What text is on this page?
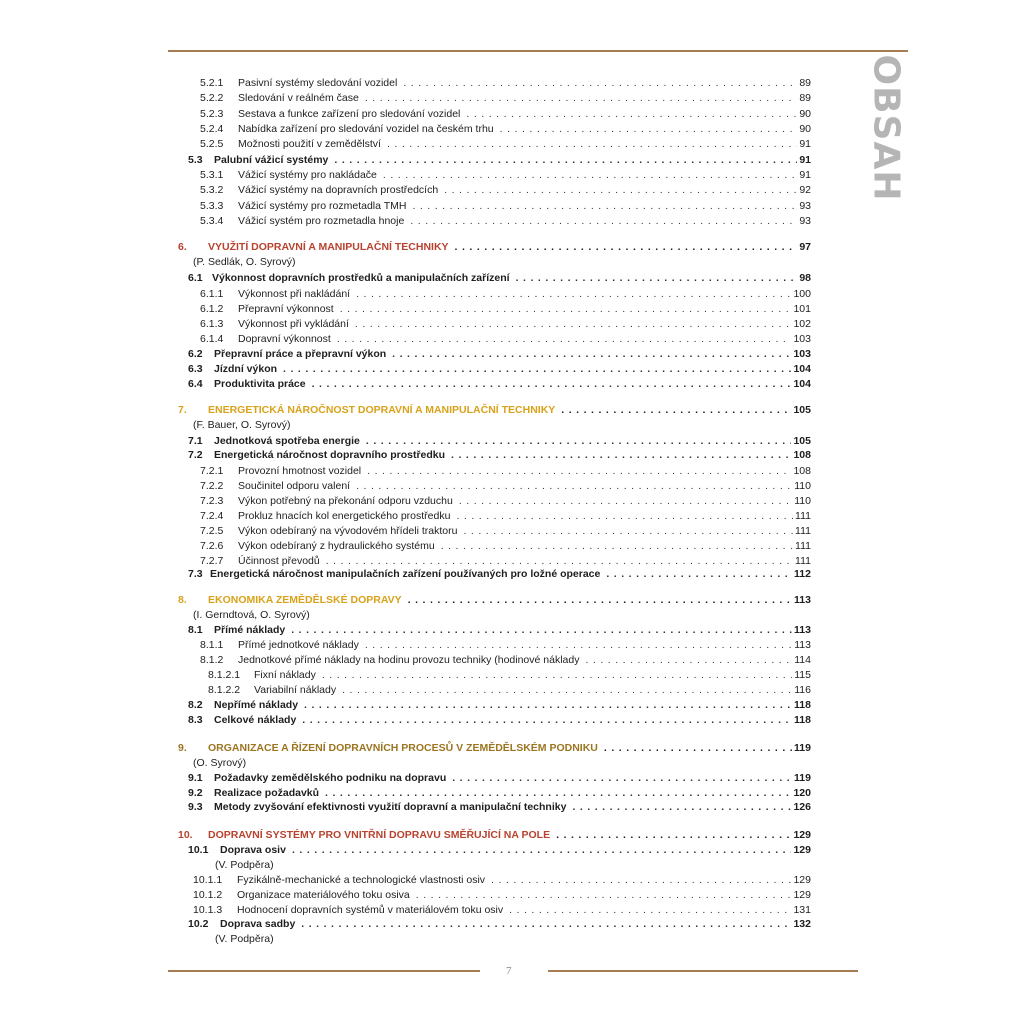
OBSAH
5.2.1	Pasivní systémy sledování vozidel . . .	89
5.2.2	Sledování v reálném čase . . .	89
5.2.3	Sestava a funkce zařízení pro sledování vozidel . . .	90
5.2.4	Nabídka zařízení pro sledování vozidel na českém trhu . . .	90
5.2.5	Možnosti použití v zemědělství . . .	91
5.3	Palubní vážicí systémy . . .	91
5.3.1	Vážicí systémy pro nakládače . . .	91
5.3.2	Vážicí systémy na dopravních prostředcích . . .	92
5.3.3	Vážicí systémy pro rozmetadla TMH . . .	93
5.3.4	Vážicí systém pro rozmetadla hnoje . . .	93
6.	VYUŽITÍ DOPRAVNÍ A MANIPULAČNÍ TECHNIKY . . .	97
(P. Sedlák, O. Syrový)
6.1 Výkonnost dopravních prostředků a manipulačních zařízení . . .	98
6.1.1	Výkonnost při nakládání . . .	100
6.1.2	Přepravní výkonnost . . .	101
6.1.3	Výkonnost při vykládání . . .	102
6.1.4	Dopravní výkonnost . . .	103
6.2	Přepravní práce a přepravní výkon . . .	103
6.3	Jízdní výkon . . .	104
6.4	Produktivita práce . . .	104
7.	ENERGETICKÁ NÁROČNOST DOPRAVNÍ A MANIPULAČNÍ TECHNIKY . . .	105
(F. Bauer, O. Syrový)
7.1	Jednotková spotřeba energie . . .	105
7.2	Energetická náročnost dopravního prostředku . . .	108
7.2.1	Provozní hmotnost vozidel . . .	108
7.2.2	Součinitel odporu valení . . .	110
7.2.3	Výkon potřebný na překonání odporu vzduchu . . .	110
7.2.4	Prokluz hnacích kol energetického prostředku . . .	111
7.2.5	Výkon odebíraný na vývodovém hřídeli traktoru . . .	111
7.2.6	Výkon odebíraný z hydraulického systému . . .	111
7.2.7	Účinnost převodů . . .	111
7.3 Energetická náročnost manipulačních zařízení používaných pro ložné operace . . .	112
8.	EKONOMIKA ZEMĚDĚLSKÉ DOPRAVY . . .	113
(I. Gerndtová, O. Syrový)
8.1	Přímé náklady . . .	113
8.1.1	Přímé jednotkové náklady . . .	113
8.1.2	Jednotkové přímé náklady na hodinu provozu techniky (hodinové náklady . . .	114
8.1.2.1	Fixní náklady . . .	115
8.1.2.2	Variabilní náklady . . .	116
8.2	Nepřímé náklady . . .	118
8.3	Celkové náklady . . .	118
9.	ORGANIZACE A ŘÍZENÍ DOPRAVNÍCH PROCESŮ V ZEMĚDĚLSKÉM PODNIKU . . .	119
(O. Syrový)
9.1	Požadavky zemědělského podniku na dopravu . . .	119
9.2	Realizace požadavků . . .	120
9.3	Metody zvyšování efektivnosti využití dopravní a manipulační techniky . . .	126
10.	DOPRAVNÍ SYSTÉMY PRO VNITŘNÍ DOPRAVU SMĚŘUJÍCÍ NA POLE . . .	129
10.1	Doprava osiv . . .	129
(V. Podpěra)
10.1.1	Fyzikálně-mechanické a technologické vlastnosti osiv . . .	129
10.1.2	Organizace materiálového toku osiva . . .	129
10.1.3	Hodnocení dopravních systémů v materiálovém toku osiv . . .	131
10.2	Doprava sadby . . .	132
(V. Podpěra)
7
